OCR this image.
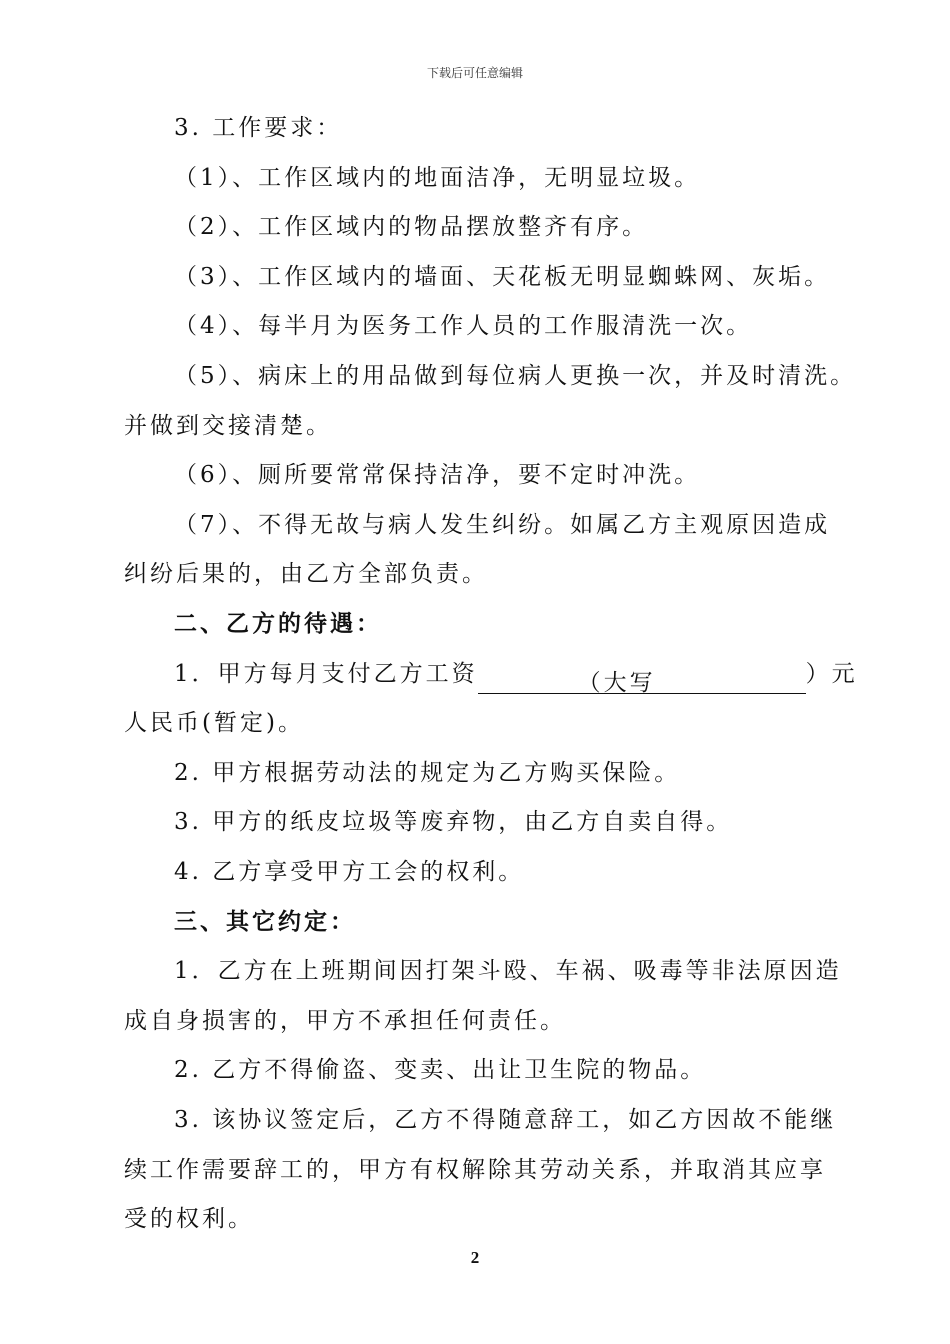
下载后可任意编辑
3. 工作要求：
（1）、工作区域内的地面洁净，无明显垃圾。
（2）、工作区域内的物品摆放整齐有序。
（3）、工作区域内的墙面、天花板无明显蜘蛛网、灰垢。
（4）、每半月为医务工作人员的工作服清洗一次。
（5）、病床上的用品做到每位病人更换一次，并及时清洗。
并做到交接清楚。
（6）、厕所要常常保持洁净，要不定时冲洗。
（7）、不得无故与病人发生纠纷。如属乙方主观原因造成
纠纷后果的，由乙方全部负责。
二、乙方的待遇：
1．甲方每月支付乙方工资	（大写	）元
人民币(暂定)。
2. 甲方根据劳动法的规定为乙方购买保险。
3. 甲方的纸皮垃圾等废弃物，由乙方自卖自得。
4. 乙方享受甲方工会的权利。
三、其它约定：
1．乙方在上班期间因打架斗殴、车祸、吸毒等非法原因造
成自身损害的，甲方不承担任何责任。
2. 乙方不得偷盗、变卖、出让卫生院的物品。
3. 该协议签定后，乙方不得随意辞工，如乙方因故不能继
续工作需要辞工的，甲方有权解除其劳动关系，并取消其应享
受的权利。
2
